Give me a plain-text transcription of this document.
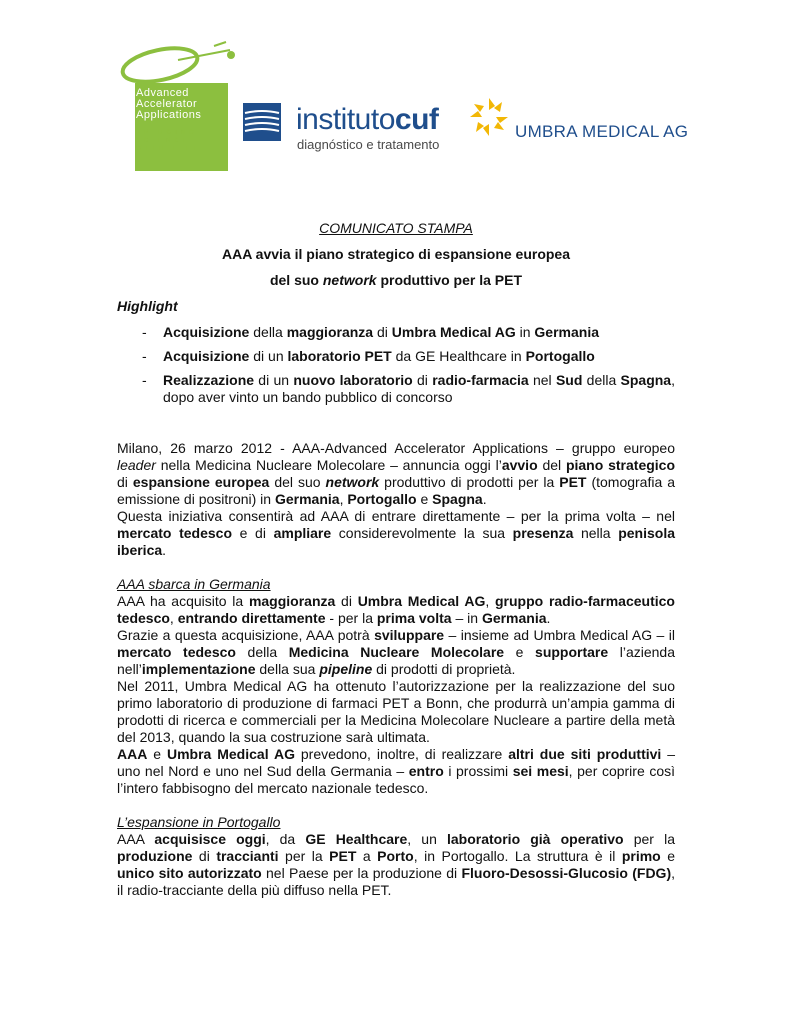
Advanced
Accelerator
Applications
BRIDGING
SCIENCE
WITH LIFE
institutocuf
diagnóstico e tratamento
UMBRA MEDICAL AG

COMUNICATO STAMPA

AAA avvia il piano strategico di espansione europea

del suo network produttivo per la PET

Highlight

- Acquisizione della maggioranza di Umbra Medical AG in Germania
- Acquisizione di un laboratorio PET da GE Healthcare in Portogallo
- Realizzazione di un nuovo laboratorio di radio-farmacia nel Sud della Spagna, dopo aver vinto un bando pubblico di concorso

Milano, 26 marzo 2012 - AAA-Advanced Accelerator Applications – gruppo europeo leader nella Medicina Nucleare Molecolare – annuncia oggi l’avvio del piano strategico di espansione europea del suo network produttivo di prodotti per la PET (tomografia a emissione di positroni) in Germania, Portogallo e Spagna.

Questa iniziativa consentirà ad AAA di entrare direttamente – per la prima volta – nel mercato tedesco e di ampliare considerevolmente la sua presenza nella penisola iberica.

AAA sbarca in Germania

AAA ha acquisito la maggioranza di Umbra Medical AG, gruppo radio-farmaceutico tedesco, entrando direttamente - per la prima volta – in Germania.

Grazie a questa acquisizione, AAA potrà sviluppare – insieme ad Umbra Medical AG – il mercato tedesco della Medicina Nucleare Molecolare e supportare l’azienda nell’implementazione della sua pipeline di prodotti di proprietà.

Nel 2011, Umbra Medical AG ha ottenuto l’autorizzazione per la realizzazione del suo primo laboratorio di produzione di farmaci PET a Bonn, che produrrà un’ampia gamma di prodotti di ricerca e commerciali per la Medicina Molecolare Nucleare a partire della metà del 2013, quando la sua costruzione sarà ultimata.

AAA e Umbra Medical AG prevedono, inoltre, di realizzare altri due siti produttivi – uno nel Nord e uno nel Sud della Germania – entro i prossimi sei mesi, per coprire così l’intero fabbisogno del mercato nazionale tedesco.

L’espansione in Portogallo

AAA acquisisce oggi, da GE Healthcare, un laboratorio già operativo per la produzione di traccianti per la PET a Porto, in Portogallo. La struttura è il primo e unico sito autorizzato nel Paese per la produzione di Fluoro-Desossi-Glucosio (FDG), il radio-tracciante della più diffuso nella PET.
